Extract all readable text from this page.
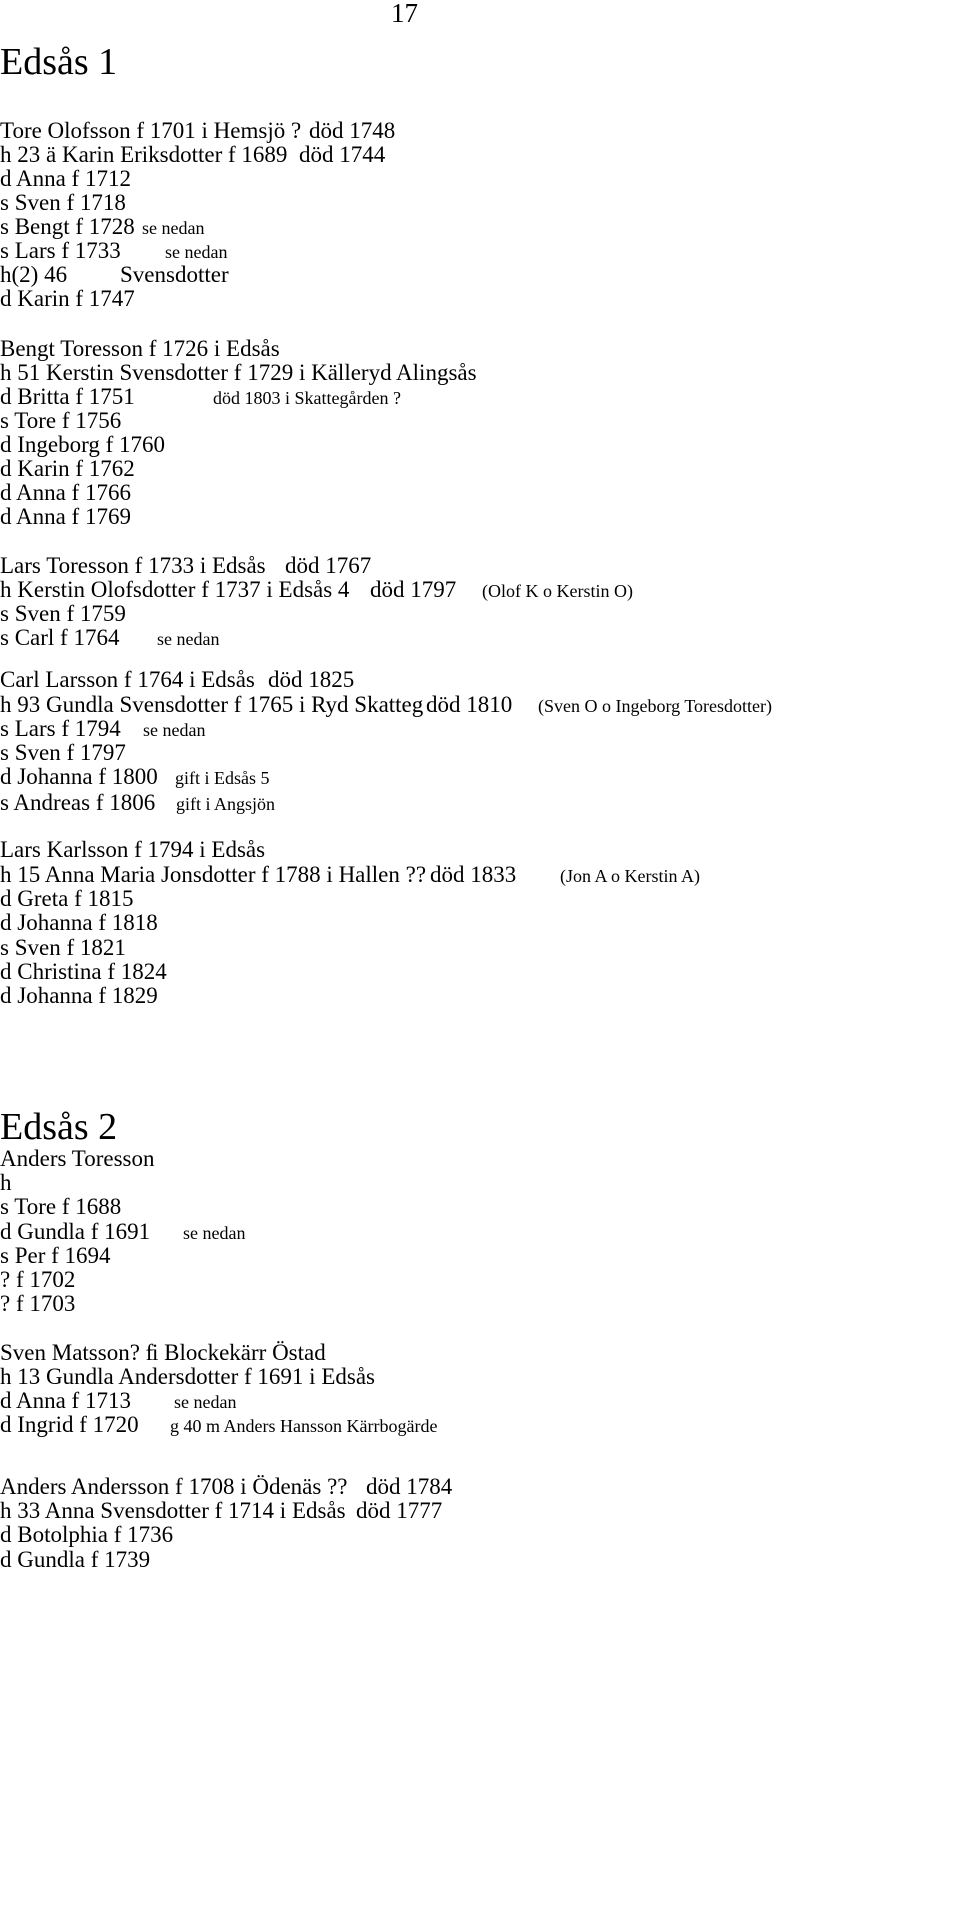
17
Edsås 1
Tore Olofsson f 1701 i Hemsjö ? död 1748
h 23 ä Karin Eriksdotter f 1689 död 1744
d Anna f 1712
s Sven f 1718
s Bengt f 1728 se nedan
s Lars f 1733 se nedan
h(2) 46 Svensdotter
d Karin f 1747
Bengt Toresson f 1726 i Edsås
h 51 Kerstin Svensdotter f 1729 i Källeryd Alingsås
d Britta f 1751	död 1803 i Skattegården ?
s Tore f 1756
d Ingeborg f 1760
d Karin f 1762
d Anna f 1766
d Anna f 1769
Lars Toresson f 1733 i Edsås död 1767
h Kerstin Olofsdotter f 1737 i Edsås 4 död 1797 (Olof K o Kerstin O)
s Sven f 1759
s Carl f 1764 se nedan
Carl Larsson f 1764 i Edsås död 1825
h 93 Gundla Svensdotter f 1765 i Ryd Skatteg död 1810 (Sven O o Ingeborg Toresdotter)
s Lars f 1794 se nedan
s Sven f 1797
d Johanna f 1800 gift i Edsås 5
s Andreas f 1806 gift i Angsjön
Lars Karlsson f 1794 i Edsås
h 15 Anna Maria Jonsdotter f 1788 i Hallen ?? död 1833 (Jon A o Kerstin A)
d Greta f 1815
d Johanna f 1818
s Sven f 1821
d Christina f 1824
d Johanna f 1829
Edsås 2
Anders Toresson
h
s Tore f 1688
d Gundla f 1691 se nedan
s Per f 1694
? f 1702
? f 1703
Sven Matsson? f
i Blockekärr Östad
h 13 Gundla Andersdotter f 1691 i Edsås
d Anna f 1713 se nedan
d Ingrid f 1720 g 40 m Anders Hansson Kärrbogärde
Anders Andersson f 1708 i Ödenäs ?? död 1784
h 33 Anna Svensdotter f 1714 i Edsås död 1777
d Botolphia f 1736
d Gundla f 1739
